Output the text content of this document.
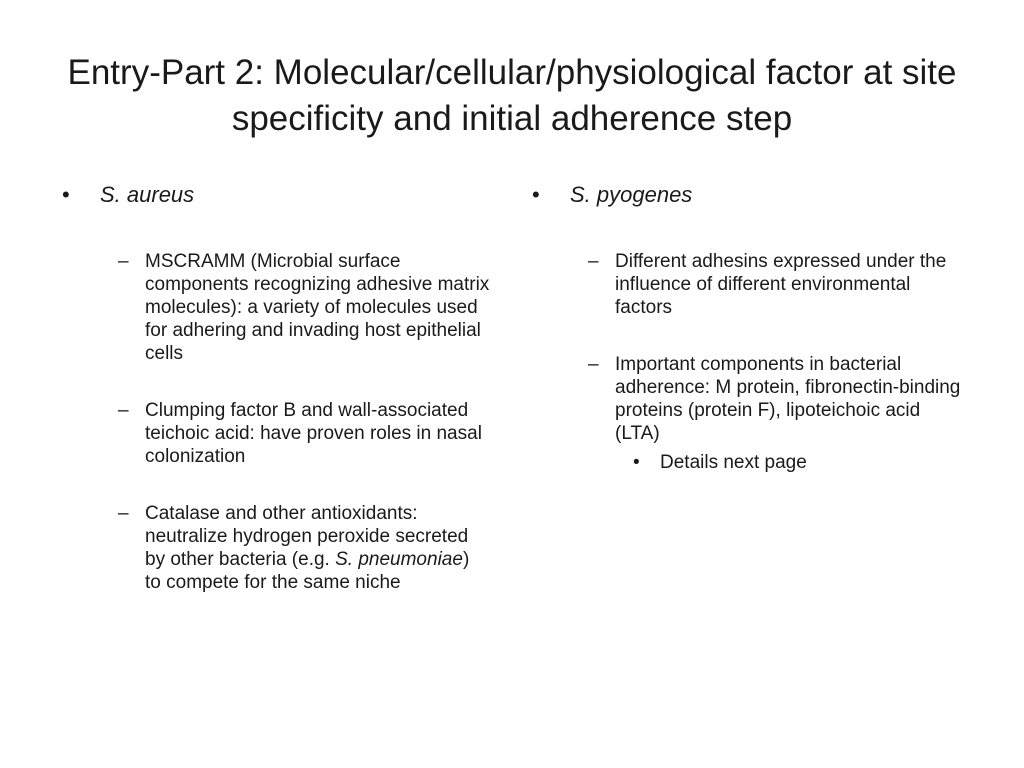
Entry-Part 2: Molecular/cellular/physiological factor at site specificity and initial adherence step
• S. aureus
– MSCRAMM (Microbial surface components recognizing adhesive matrix molecules): a variety of molecules used for adhering and invading host epithelial cells
– Clumping factor B and wall-associated teichoic acid: have proven roles in nasal colonization
– Catalase and other antioxidants: neutralize hydrogen peroxide secreted by other bacteria (e.g. S. pneumoniae) to compete for the same niche
• S. pyogenes
– Different adhesins expressed under the influence of different environmental factors
– Important components in bacterial adherence: M protein, fibronectin-binding proteins (protein F), lipoteichoic acid (LTA)
• Details next page
